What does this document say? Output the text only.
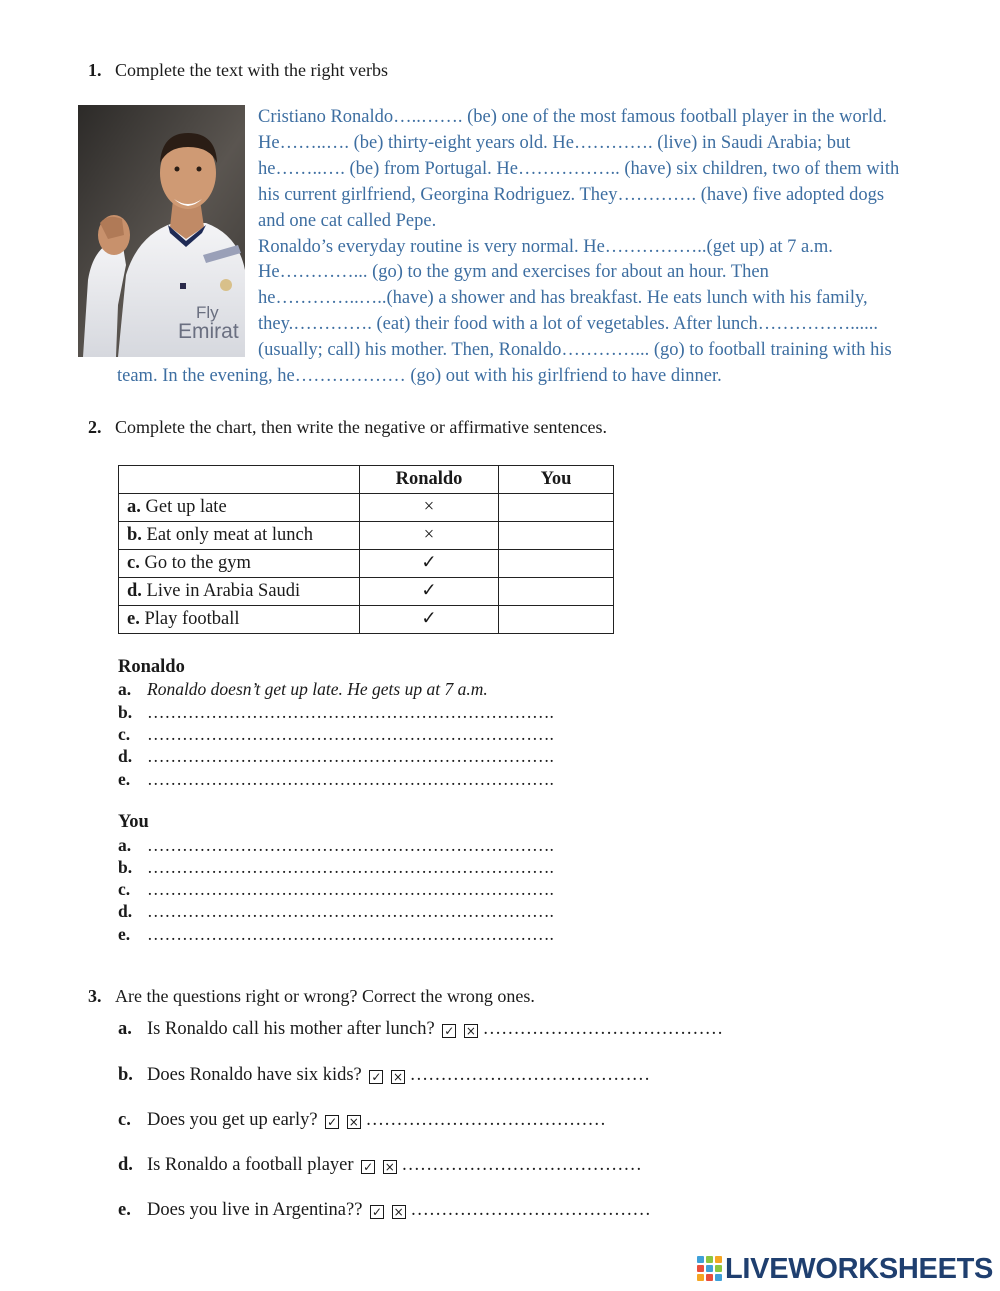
1. Complete the text with the right verbs
Fly
Emirat
Cristiano Ronaldo…..……. (be) one of the most famous football player in the world.
He……..…. (be) thirty-eight years old. He…………. (live) in Saudi Arabia; but
he……..…. (be) from Portugal. He…………….. (have) six children, two of them with
his current girlfriend, Georgina Rodriguez. They…………. (have) five adopted dogs
and one cat called Pepe.
Ronaldo’s everyday routine is very normal. He……………..(get up) at 7 a.m.
He…………... (go) to the gym and exercises for about an hour. Then
he…………..…..(have) a shower and has breakfast. He eats lunch with his family,
they.…………. (eat) their food with a lot of vegetables. After lunch……………......
(usually; call) his mother. Then, Ronaldo…………... (go) to football training with his
team. In the evening, he……………… (go) out with his girlfriend to have dinner.
2. Complete the chart, then write the negative or affirmative sentences.
	Ronaldo	You
a. Get up late	×	
b. Eat only meat at lunch	×	
c. Go to the gym	✓	
d. Live in Arabia Saudi	✓	
e. Play football	✓	
Ronaldo
a. Ronaldo doesn’t get up late. He gets up at 7 a.m.
b. …………………………………………………………….
c. …………………………………………………………….
d. …………………………………………………………….
e. …………………………………………………………….
You
a. …………………………………………………………….
b. …………………………………………………………….
c. …………………………………………………………….
d. …………………………………………………………….
e. …………………………………………………………….
3. Are the questions right or wrong? Correct the wrong ones.
a. Is Ronaldo call his mother after lunch? ✓ × …………………………………
b. Does Ronaldo have six kids? ✓ × …………………………………
c. Does you get up early? ✓ × …………………………………
d. Is Ronaldo a football player ✓ × …………………………………
e. Does you live in Argentina?? ✓ × …………………………………
LIVEWORKSHEETS
